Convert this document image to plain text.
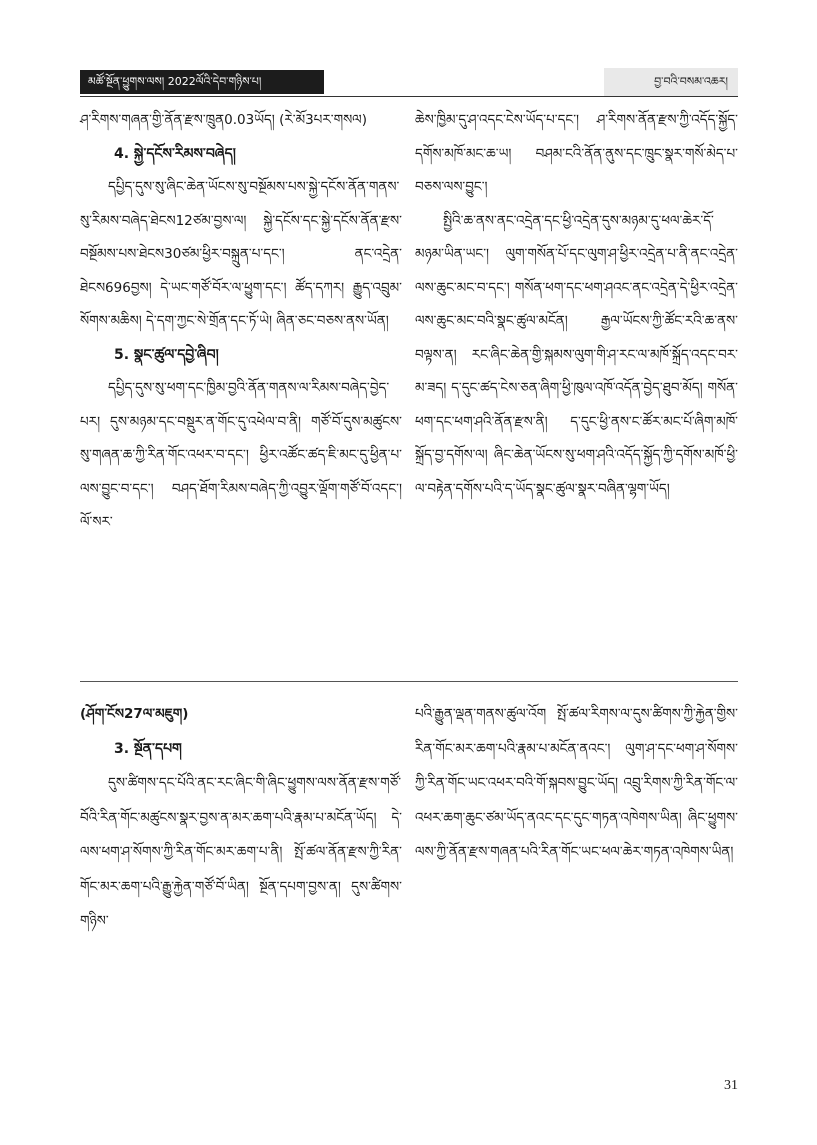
མཚོ་སྔོན་ཕྱུགས་ལས། 2022ལོའི་དེབ་གཉིས་པ།	བྱ་བའི་བསམ་འཆར།

ཤ་རིགས་གཞན་གྱི་ནོན་རྫས་ཁྲུན0.03ཡོད། (རེ་མོ3པར་གསལ)

4. སྐྱེ་དངོས་རིམས་བཞེད།

དཔྱིད་དུས་སུ་ཞིང་ཆེན་ཡོངས་སུ་བསྔོམས་པས་སྐྱེ་དངོས་ནོན་གནས་སུ་རིམས་བཞེད་ཐེངས12ཙམ་བྱས་ལ། སྐྱེ་དངོས་དང་སྐྱེ་དངོས་ནོན་རྫས་བསྔོམས་པས་ཐེངས30ཙམ་ཕྱིར་བསྐྲུན་པ་དང་། ནང་འདྲེན་ཐེངས696བྱས། དེ་ཡང་གཙོ་བོར་ལ་ཕྱུག་དང་། ཚོད་དཀར། རྒྱུད་འབྲུམ་སོགས་མཆིས། དེ་དག་ཀྱང་སེ་གྲོན་དང་ཏོ་ཡེ། ཞིན་ཅང་བཅས་ནས་ཡོན།

5. སྣང་ཚུལ་དབྱེ་ཞིབ།

དཔྱིད་དུས་སུ་ཕག་དང་ཁྱིམ་བྱའི་ནོན་གནས་ལ་རིམས་བཞེད་བྱེད་པར། དུས་མཉམ་དང་བསྡུར་ན་གོང་དུ་འཕེལ་བ་ནི། གཙོ་བོ་དུས་མཚུངས་སུ་གཞན་ཆ་ཀྱི་རིན་གོང་འཕར་བ་དང་། ཕྱིར་འཚོང་ཚད་ཇི་མང་དུ་ཕྱིན་པ་ལས་བྱུང་བ་དང་། བཤད་ཐོག་རིམས་བཞེད་ཀྱི་འབྱུར་ལྡོག་གཙོ་བོ་འདང་། ལོ་སར་

ཆེས་ཁྱིམ་དུ་ཤ་འདང་ངེས་ཡོད་པ་དང་། ཤ་རིགས་ནོན་རྫས་ཀྱི་འདོད་སྐྱོད་དགོས་མཁོ་མང་ཆ་ཡ། བཤམ་ངའི་ནོན་ནུས་དང་ཁྲུང་སྣར་གསོ་མེད་པ་བཅས་ལས་བྱུང་།

སྤྱིའི་ཆ་ནས་ནང་འདྲེན་དང་ཕྱི་འདྲེན་དུས་མཉམ་དུ་ཕལ་ཆེར་དོ་མཉམ་ཡིན་ཡང་། ལུག་གསོན་པོ་དང་ལུག་ཤ་ཕྱིར་འདྲེན་པ་ནི་ནང་འདྲེན་ལས་ཆུང་མང་བ་དང་། གསོན་ཕག་དང་ཕག་ཤའང་ནང་འདྲེན་དེ་ཕྱིར་འདྲེན་ལས་ཆུང་མང་བའི་སྣང་ཚུལ་མངོན། རྒྱལ་ཡོངས་ཀྱི་ཚོང་རའི་ཆ་ནས་བལྟས་ན། རང་ཞིང་ཆེན་གྱི་སྐམས་ལུག་གི་ཤ་རང་ལ་མཁོ་སྐྲོད་འདང་བར་མ་ཟད། ད་དུང་ཚད་ངེས་ཅན་ཞིག་ཕྱི་ཁུལ་འཁོ་འདོན་བྱེད་ཐུབ་མོད། གསོན་ཕག་དང་ཕག་ཤའི་ནོན་རྫས་ནི། ད་དུང་ཕྱི་ནས་ང་ཚོར་མང་པོ་ཞིག་མཁོ་སྐྲོད་བྱ་དགོས་ལ། ཞིང་ཆེན་ཡོངས་སུ་ཕག་ཤའི་འདོད་སྐྱོད་ཀྱི་དགོས་མཁོ་ཕྱི་ལ་བརྟེན་དགོས་པའི་ད་ཡོད་སྣང་ཚུལ་སྣར་བཞིན་ལྷག་ཡོད།

(ཤོག་ངོས27ལ་མཇུག)

3. སྔོན་དཔག

དུས་ཚིགས་དང་པོའི་ནང་རང་ཞིང་གི་ཞིང་ཕྱུགས་ལས་ནོན་རྫས་གཙོ་བོའི་རིན་གོང་མཚུངས་སྣར་བྱས་ན་མར་ཆག་པའི་རྣམ་པ་མངོན་ཡོད། དེ་ལས་ཕག་ཤ་སོགས་ཀྱི་རིན་གོང་མར་ཆག་པ་ནི། སྤོ་ཚལ་ནོན་རྫས་ཀྱི་རིན་གོང་མར་ཆག་པའི་རྒྱུ་རྐྱེན་གཙོ་བོ་ཡིན། སྔོན་དཔག་བྱས་ན། དུས་ཚིགས་གཉིས་

པའི་རྒྱུན་ལྡན་གནས་ཚུལ་འོག སྤོ་ཚལ་རིགས་ལ་དུས་ཚིགས་ཀྱི་རྐྱེན་གྱིས་རིན་གོང་མར་ཆག་པའི་རྣམ་པ་མངོན་ནའང་། ལུག་ཤ་དང་ཕག་ཤ་སོགས་ཀྱི་རིན་གོང་ཡང་འཕར་བའི་གོ་སྐབས་བྱུང་ཡོད། འབྲུ་རིགས་ཀྱི་རིན་གོང་ལ་འཕར་ཆག་ཆུང་ཙམ་ཡོད་ནའང་དང་དུང་གཏན་འཁེགས་ཡིན། ཞིང་ཕྱུགས་ལས་ཀྱི་ནོན་རྫས་གཞན་པའི་རིན་གོང་ཡང་ཕལ་ཆེར་གཏན་འཁེགས་ཡིན།

31
